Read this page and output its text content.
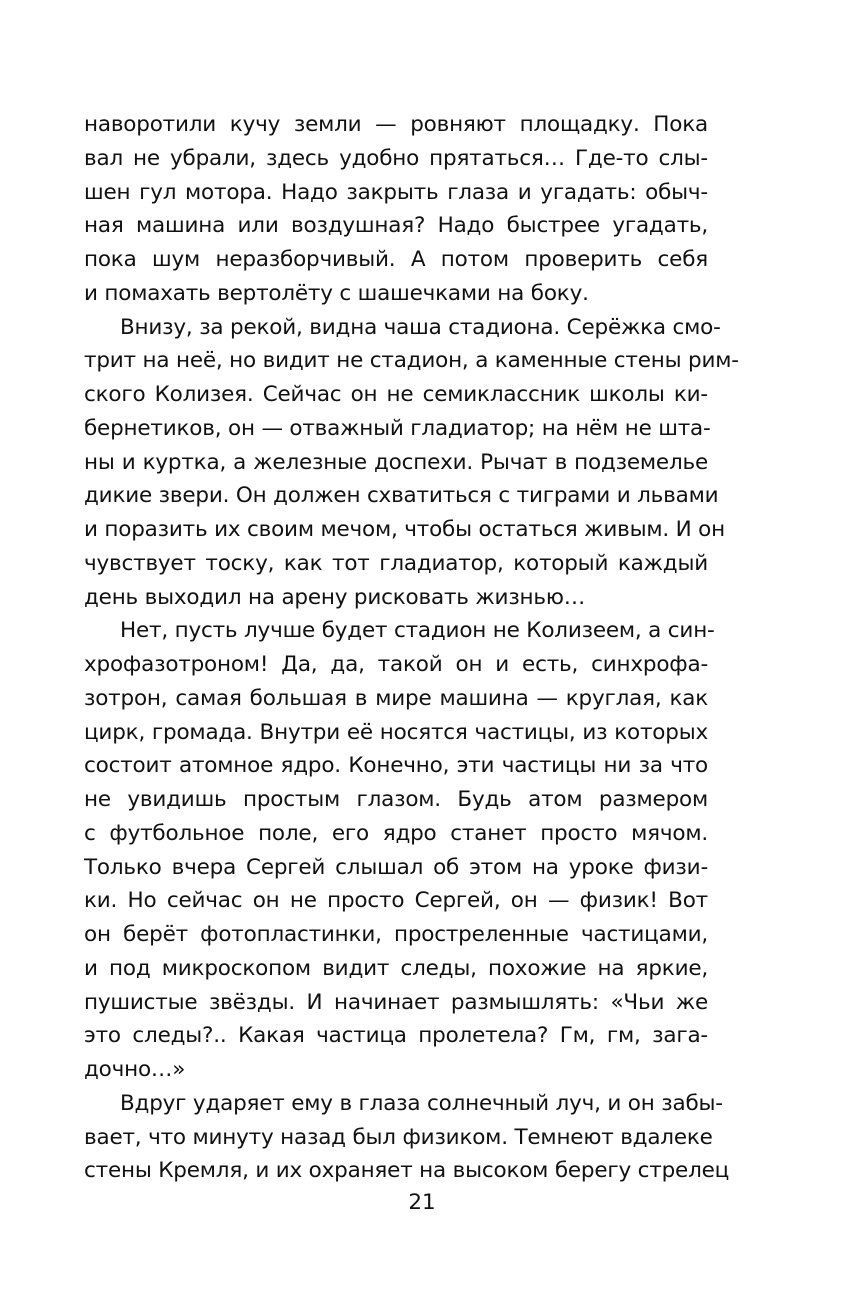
наворотили кучу земли — ровняют площадку. Пока
вал не убрали, здесь удобно прятаться… Где-то слы-
шен гул мотора. Надо закрыть глаза и угадать: обыч-
ная машина или воздушная? Надо быстрее угадать,
пока шум неразборчивый. А потом проверить себя
и помахать вертолёту с шашечками на боку.
Внизу, за рекой, видна чаша стадиона. Серёжка смо-
трит на неё, но видит не стадион, а каменные стены рим-
ского Колизея. Сейчас он не семиклассник школы ки-
бернетиков, он — отважный гладиатор; на нём не шта-
ны и куртка, а железные доспехи. Рычат в подземелье
дикие звери. Он должен схватиться с тиграми и львами
и поразить их своим мечом, чтобы остаться живым. И он
чувствует тоску, как тот гладиатор, который каждый
день выходил на арену рисковать жизнью…
Нет, пусть лучше будет стадион не Колизеем, а син-
хрофазотроном! Да, да, такой он и есть, синхрофа-
зотрон, самая большая в мире машина — круглая, как
цирк, громада. Внутри её носятся частицы, из которых
состоит атомное ядро. Конечно, эти частицы ни за что
не увидишь простым глазом. Будь атом размером
с футбольное поле, его ядро станет просто мячом.
Только вчера Сергей слышал об этом на уроке физи-
ки. Но сейчас он не просто Сергей, он — физик! Вот
он берёт фотопластинки, простреленные частицами,
и под микроскопом видит следы, похожие на яркие,
пушистые звёзды. И начинает размышлять: «Чьи же
это следы?.. Какая частица пролетела? Гм, гм, зага-
дочно…»
Вдруг ударяет ему в глаза солнечный луч, и он забы-
вает, что минуту назад был физиком. Темнеют вдалеке
стены Кремля, и их охраняет на высоком берегу стрелец
21
